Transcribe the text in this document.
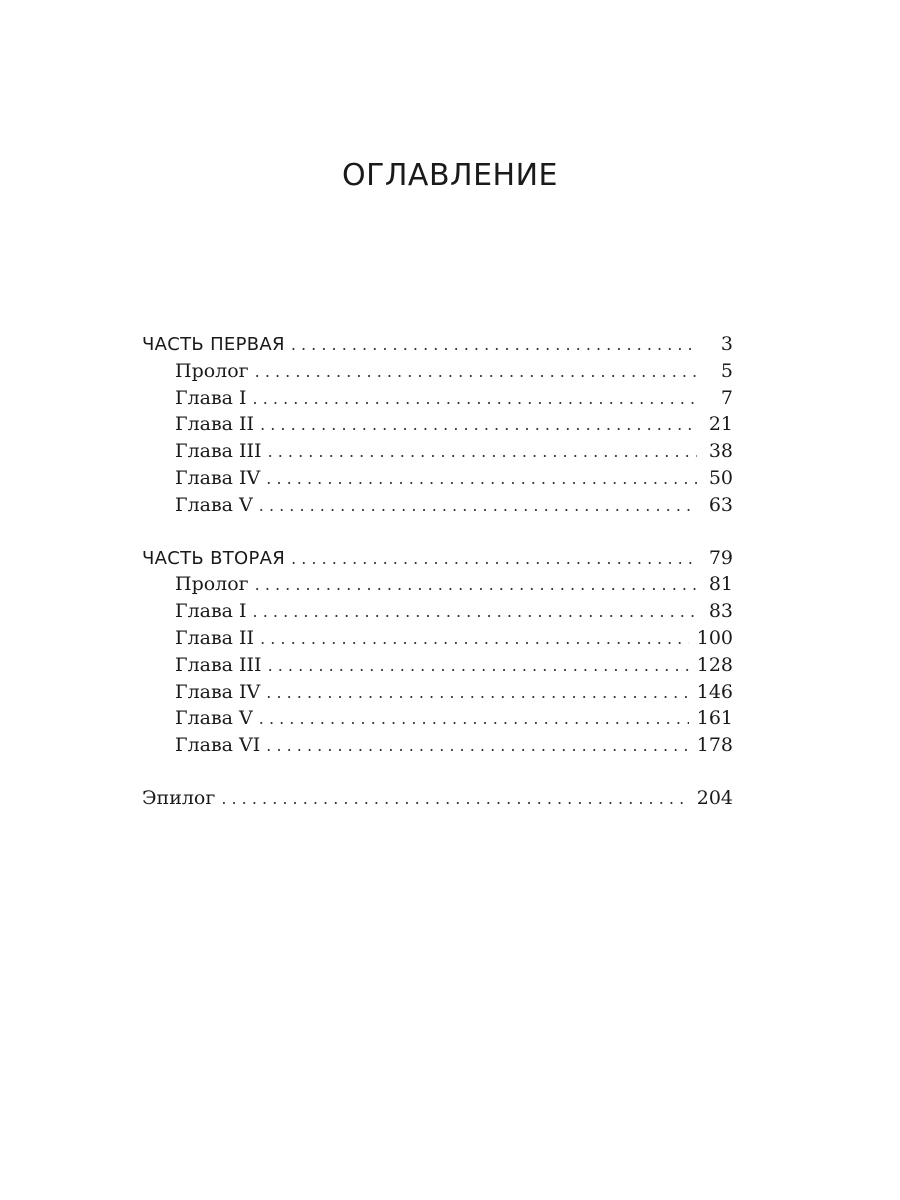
ОГЛАВЛЕНИЕ
ЧАСТЬ ПЕРВАЯ . . .	3
Пролог . . .	5
Глава I . . .	7
Глава II . . .	21
Глава III . . .	38
Глава IV . . .	50
Глава V . . .	63
ЧАСТЬ ВТОРАЯ . . .	79
Пролог . . .	81
Глава I . . .	83
Глава II . . .	100
Глава III . . .	128
Глава IV . . .	146
Глава V . . .	161
Глава VI . . .	178
Эпилог . . .	204
